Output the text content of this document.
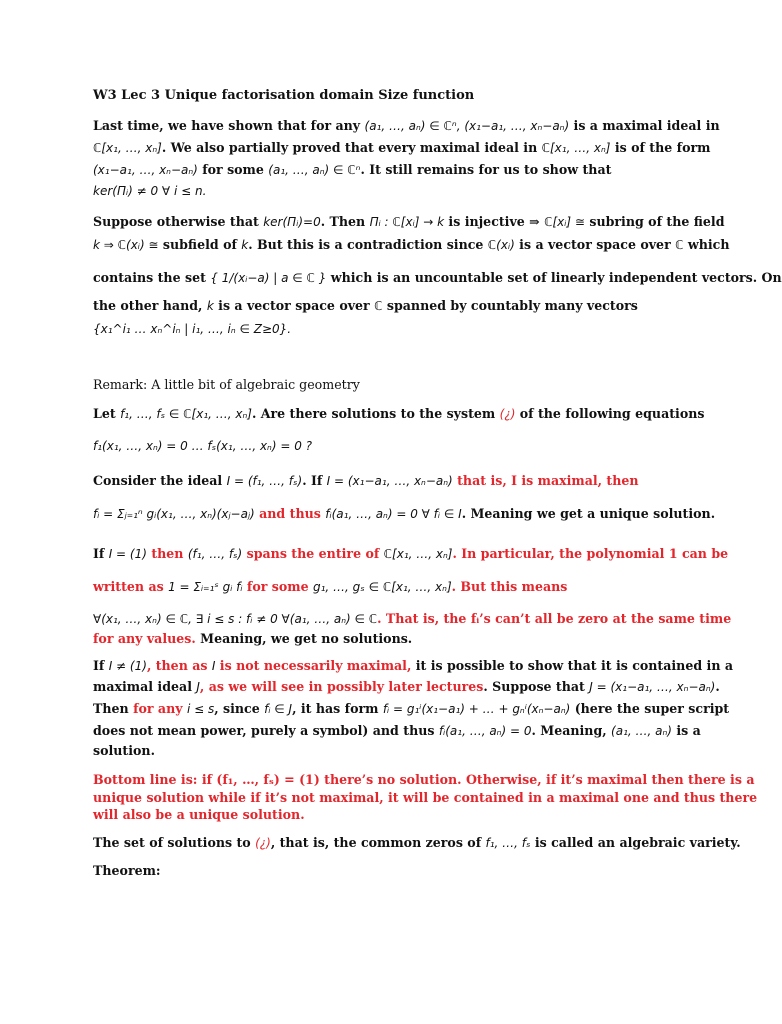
W3 Lec 3 Unique factorisation domain Size function
Last time, we have shown that for any (a₁, …, aₙ) ∈ ℂⁿ, (x₁−a₁, …, xₙ−aₙ) is a maximal ideal in
ℂ[x₁, …, xₙ]. We also partially proved that every maximal ideal in ℂ[x₁, …, xₙ] is of the form
(x₁−a₁, …, xₙ−aₙ) for some (a₁, …, aₙ) ∈ ℂⁿ. It still remains for us to show that
ker(Πᵢ) ≠ 0 ∀ i ≤ n.
Suppose otherwise that ker(Πᵢ)=0. Then Πᵢ : ℂ[xᵢ] → k is injective ⇒ ℂ[xᵢ] ≅ subring of the field
k ⇒ ℂ(xᵢ) ≅ subfield of k. But this is a contradiction since ℂ(xᵢ) is a vector space over ℂ which
contains the set { 1/(xᵢ−a) | a ∈ ℂ } which is an uncountable set of linearly independent vectors. On
the other hand, k is a vector space over ℂ spanned by countably many vectors
{x₁^i₁ … xₙ^iₙ | i₁, …, iₙ ∈ Z≥0}.
Remark: A little bit of algebraic geometry
Let f₁, …, fₛ ∈ ℂ[x₁, …, xₙ]. Are there solutions to the system (¿) of the following equations
f₁(x₁, …, xₙ) = 0 … fₛ(x₁, …, xₙ) = 0 ?
Consider the ideal I = (f₁, …, fₛ). If I = (x₁−a₁, …, xₙ−aₙ) that is, I is maximal, then
fᵢ = Σⱼ₌₁ⁿ gᵢ(x₁, …, xₙ)(xⱼ−aⱼ) and thus fᵢ(a₁, …, aₙ) = 0 ∀ fᵢ ∈ I. Meaning we get a unique solution.
If I = (1) then (f₁, …, fₛ) spans the entire of ℂ[x₁, …, xₙ]. In particular, the polynomial 1 can be
written as 1 = Σᵢ₌₁ˢ gᵢ fᵢ for some g₁, …, gₛ ∈ ℂ[x₁, …, xₙ]. But this means
∀(x₁, …, xₙ) ∈ ℂ, ∃ i ≤ s : fᵢ ≠ 0 ∀(a₁, …, aₙ) ∈ ℂ. That is, the fᵢ’s can’t all be zero at the same time
for any values. Meaning, we get no solutions.
If I ≠ (1), then as I is not necessarily maximal, it is possible to show that it is contained in a
maximal ideal J, as we will see in possibly later lectures. Suppose that J = (x₁−a₁, …, xₙ−aₙ).
Then for any i ≤ s, since fᵢ ∈ J, it has form fᵢ = g₁ⁱ(x₁−a₁) + … + gₙⁱ(xₙ−aₙ) (here the super script
does not mean power, purely a symbol) and thus fᵢ(a₁, …, aₙ) = 0. Meaning, (a₁, …, aₙ) is a
solution.
Bottom line is: if (f₁, …, fₛ) = (1) there’s no solution. Otherwise, if it’s maximal then there is a
unique solution while if it’s not maximal, it will be contained in a maximal one and thus there
will also be a unique solution.
The set of solutions to (¿), that is, the common zeros of f₁, …, fₛ is called an algebraic variety.
Theorem:
